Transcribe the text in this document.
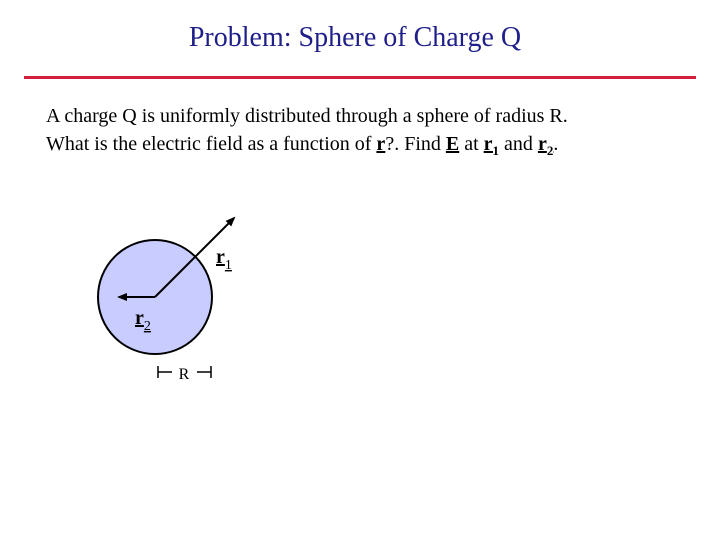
Problem: Sphere of Charge Q
A charge Q is uniformly distributed through a sphere of radius R.
What is the electric field as a function of r?. Find E at $r_1$ and $r_2$.
$r_1$
$r_2$
R
